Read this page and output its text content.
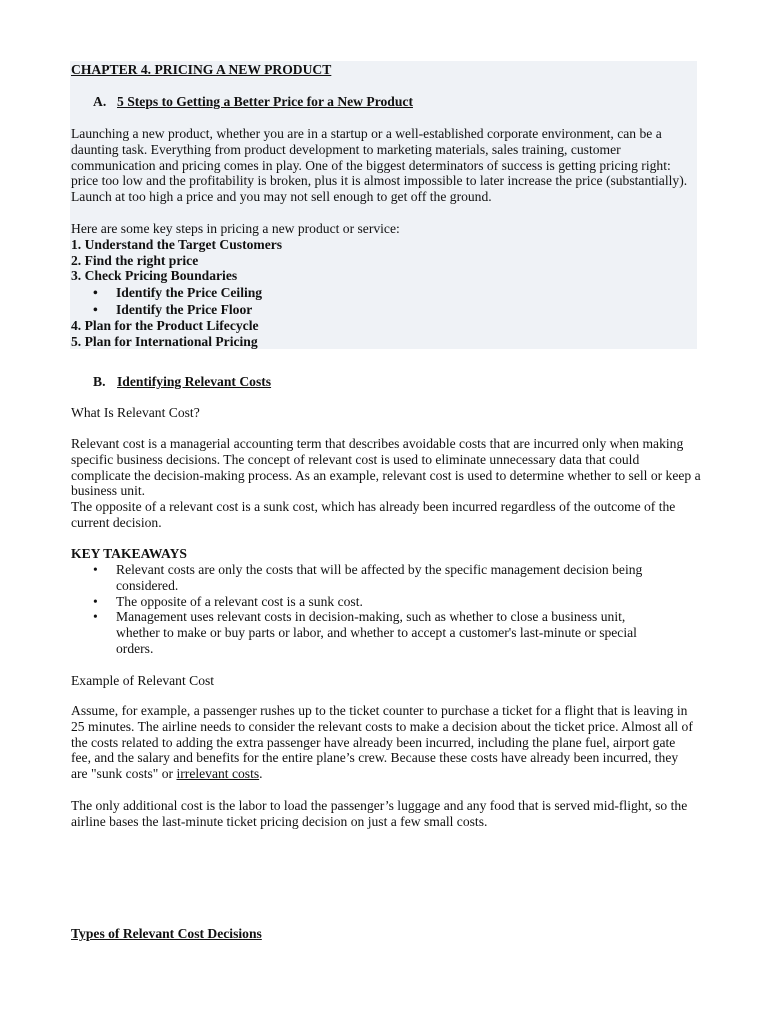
CHAPTER 4. PRICING A NEW PRODUCT

A. 5 Steps to Getting a Better Price for a New Product

Launching a new product, whether you are in a startup or a well-established corporate environment, can be a daunting task. Everything from product development to marketing materials, sales training, customer communication and pricing comes in play. One of the biggest determinators of success is getting pricing right: price too low and the profitability is broken, plus it is almost impossible to later increase the price (substantially). Launch at too high a price and you may not sell enough to get off the ground.

Here are some key steps in pricing a new product or service:

1. Understand the Target Customers

2. Find the right price

3. Check Pricing Boundaries

• Identify the Price Ceiling
• Identify the Price Floor

4. Plan for the Product Lifecycle

5. Plan for International Pricing

B. Identifying Relevant Costs

What Is Relevant Cost?

Relevant cost is a managerial accounting term that describes avoidable costs that are incurred only when making specific business decisions. The concept of relevant cost is used to eliminate unnecessary data that could complicate the decision-making process. As an example, relevant cost is used to determine whether to sell or keep a business unit.

The opposite of a relevant cost is a sunk cost, which has already been incurred regardless of the outcome of the current decision.

KEY TAKEAWAYS

• Relevant costs are only the costs that will be affected by the specific management decision being considered.
• The opposite of a relevant cost is a sunk cost.
• Management uses relevant costs in decision-making, such as whether to close a business unit, whether to make or buy parts or labor, and whether to accept a customer's last-minute or special orders.

Example of Relevant Cost

Assume, for example, a passenger rushes up to the ticket counter to purchase a ticket for a flight that is leaving in 25 minutes. The airline needs to consider the relevant costs to make a decision about the ticket price. Almost all of the costs related to adding the extra passenger have already been incurred, including the plane fuel, airport gate fee, and the salary and benefits for the entire plane’s crew. Because these costs have already been incurred, they are "sunk costs" or irrelevant costs.

The only additional cost is the labor to load the passenger’s luggage and any food that is served mid-flight, so the airline bases the last-minute ticket pricing decision on just a few small costs.

Types of Relevant Cost Decisions
